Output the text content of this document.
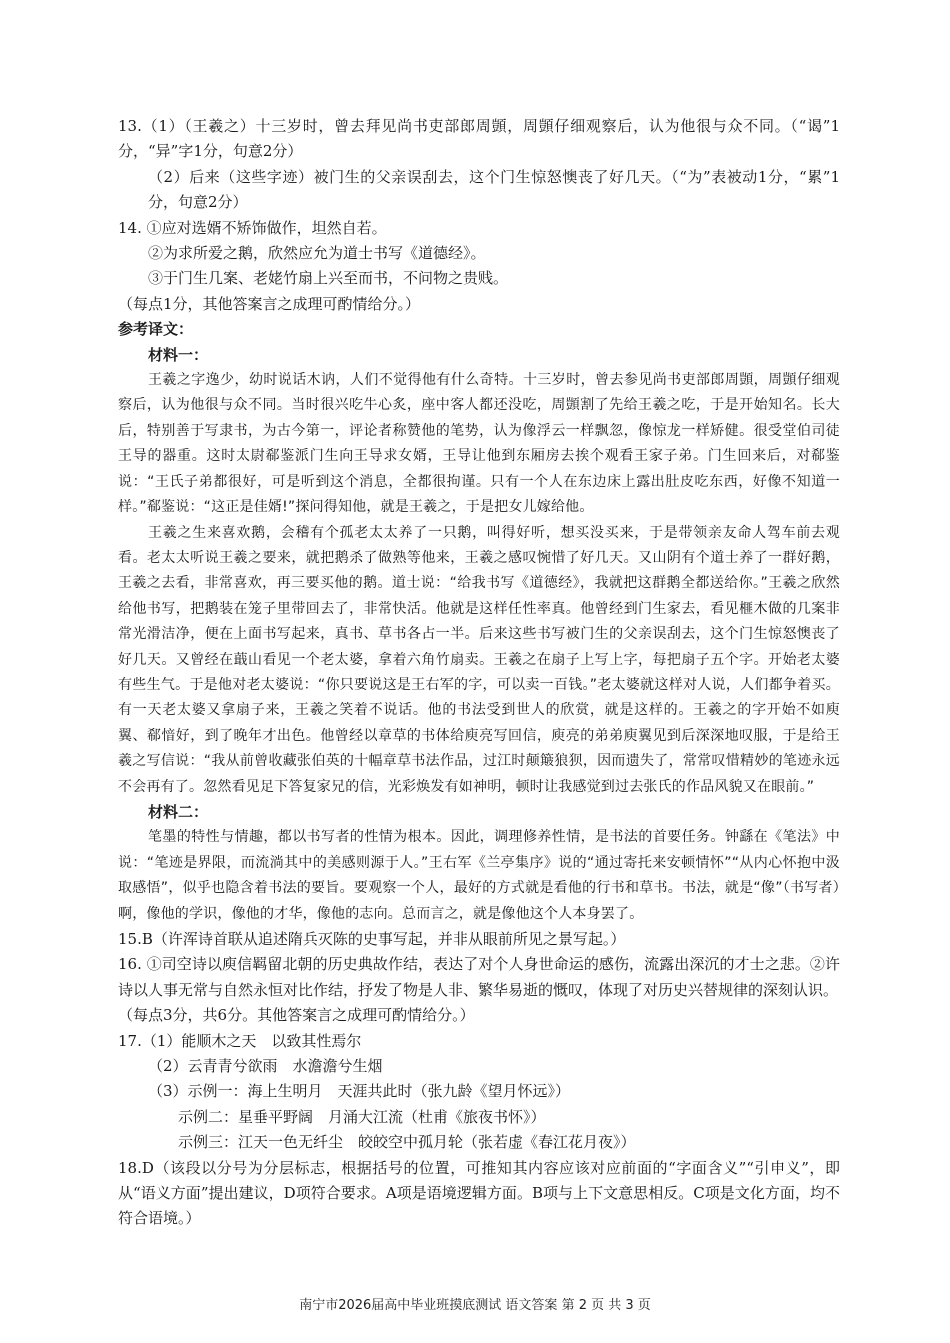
13.（1）（王羲之）十三岁时，曾去拜见尚书吏部郎周顗，周顗仔细观察后，认为他很与众不同。（“谒”1分，“异”字1分，句意2分）

（2）后来（这些字迹）被门生的父亲误刮去，这个门生惊怒懊丧了好几天。（“为”表被动1分，“累”1分，句意2分）

14. ①应对选婿不矫饰做作，坦然自若。

②为求所爱之鹅，欣然应允为道士书写《道德经》。

③于门生几案、老姥竹扇上兴至而书，不问物之贵贱。

（每点1分，其他答案言之成理可酌情给分。）

参考译文：

材料一：

王羲之字逸少，幼时说话木讷，人们不觉得他有什么奇特。十三岁时，曾去参见尚书吏部郎周顗，周顗仔细观察后，认为他很与众不同。当时很兴吃牛心炙，座中客人都还没吃，周顗割了先给王羲之吃，于是开始知名。长大后，特别善于写隶书，为古今第一，评论者称赞他的笔势，认为像浮云一样飘忽，像惊龙一样矫健。很受堂伯司徒王导的器重。这时太尉郗鉴派门生向王导求女婿，王导让他到东厢房去挨个观看王家子弟。门生回来后，对郗鉴说：“王氏子弟都很好，可是听到这个消息，全都很拘谨。只有一个人在东边床上露出肚皮吃东西，好像不知道一样。”郗鉴说：“这正是佳婿!”探问得知他，就是王羲之，于是把女儿嫁给他。

王羲之生来喜欢鹅，会稽有个孤老太太养了一只鹅，叫得好听，想买没买来，于是带领亲友命人驾车前去观看。老太太听说王羲之要来，就把鹅杀了做熟等他来，王羲之感叹惋惜了好几天。又山阴有个道士养了一群好鹅，王羲之去看，非常喜欢，再三要买他的鹅。道士说：“给我书写《道德经》，我就把这群鹅全都送给你。”王羲之欣然给他书写，把鹅装在笼子里带回去了，非常快活。他就是这样任性率真。他曾经到门生家去，看见榧木做的几案非常光滑洁净，便在上面书写起来，真书、草书各占一半。后来这些书写被门生的父亲误刮去，这个门生惊怒懊丧了好几天。又曾经在蕺山看见一个老太婆，拿着六角竹扇卖。王羲之在扇子上写上字，每把扇子五个字。开始老太婆有些生气。于是他对老太婆说：“你只要说这是王右军的字，可以卖一百钱。”老太婆就这样对人说，人们都争着买。有一天老太婆又拿扇子来，王羲之笑着不说话。他的书法受到世人的欣赏，就是这样的。王羲之的字开始不如庾翼、郗愔好，到了晚年才出色。他曾经以章草的书体给庾亮写回信，庾亮的弟弟庾翼见到后深深地叹服，于是给王羲之写信说：“我从前曾收藏张伯英的十幅章草书法作品，过江时颠簸狼狈，因而遗失了，常常叹惜精妙的笔迹永远不会再有了。忽然看见足下答复家兄的信，光彩焕发有如神明，顿时让我感觉到过去张氏的作品风貌又在眼前。”

材料二：

笔墨的特性与情趣，都以书写者的性情为根本。因此，调理修养性情，是书法的首要任务。钟繇在《笔法》中说：“笔迹是界限，而流淌其中的美感则源于人。”王右军《兰亭集序》说的“通过寄托来安顿情怀”“从内心怀抱中汲取感悟”，似乎也隐含着书法的要旨。要观察一个人，最好的方式就是看他的行书和草书。书法，就是“像”（书写者）啊，像他的学识，像他的才华，像他的志向。总而言之，就是像他这个人本身罢了。

15.B（许浑诗首联从追述隋兵灭陈的史事写起，并非从眼前所见之景写起。）

16. ①司空诗以庾信羁留北朝的历史典故作结，表达了对个人身世命运的感伤，流露出深沉的才士之悲。②许诗以人事无常与自然永恒对比作结，抒发了物是人非、繁华易逝的慨叹，体现了对历史兴替规律的深刻认识。

（每点3分，共6分。其他答案言之成理可酌情给分。）

17.（1）能顺木之天　以致其性焉尔

（2）云青青兮欲雨　水澹澹兮生烟

（3）示例一：海上生明月　天涯共此时（张九龄《望月怀远》）

示例二：星垂平野阔　月涌大江流（杜甫《旅夜书怀》）

示例三：江天一色无纤尘　皎皎空中孤月轮（张若虚《春江花月夜》）

18.D（该段以分号为分层标志，根据括号的位置，可推知其内容应该对应前面的“字面含义”“引申义”，即从“语义方面”提出建议，D项符合要求。A项是语境逻辑方面。B项与上下文意思相反。C项是文化方面，均不符合语境。）

南宁市2026届高中毕业班摸底测试 语文答案 第 2 页 共 3 页
